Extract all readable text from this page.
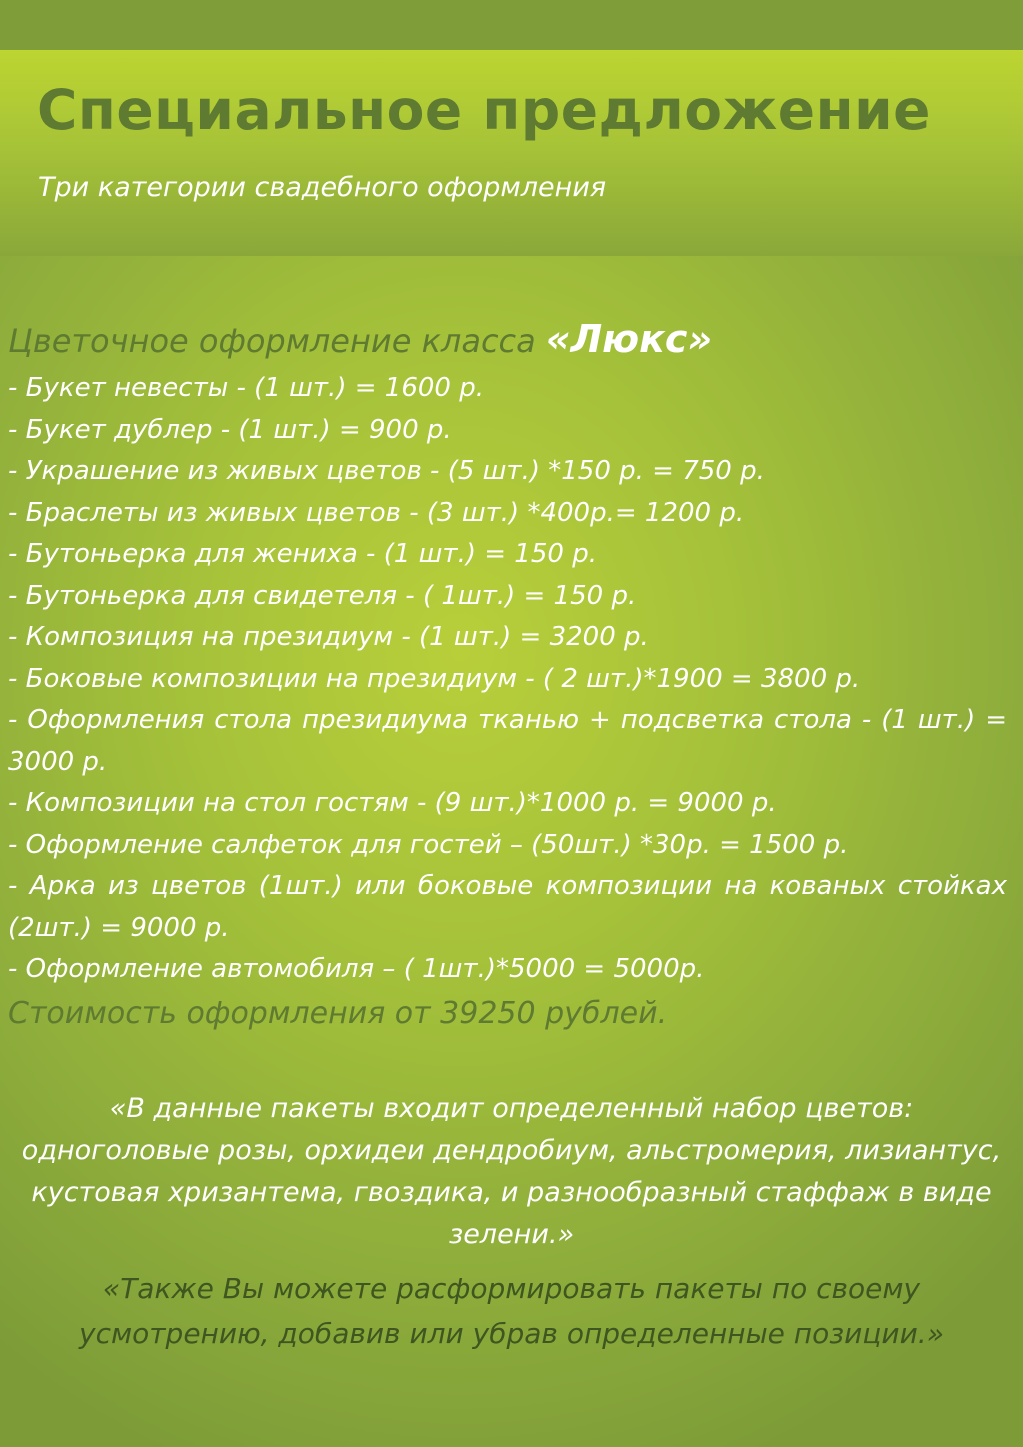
Специальное предложение

Три категории свадебного оформления

Цветочное оформление класса «Люкс»
- Букет невесты - (1 шт.) = 1600 р.
- Букет дублер - (1 шт.) = 900 р.
- Украшение из живых цветов - (5 шт.) *150 р. = 750 р.
- Браслеты из живых цветов - (3 шт.) *400р.= 1200 р.
- Бутоньерка для жениха - (1 шт.) = 150 р.
- Бутоньерка для свидетеля - ( 1шт.) = 150 р.
- Композиция на президиум - (1 шт.) = 3200 р.
- Боковые композиции на президиум - ( 2 шт.)*1900 = 3800 р.
- Оформления стола президиума тканью + подсветка стола - (1 шт.) = 3000 р.
- Композиции на стол гостям - (9 шт.)*1000 р. = 9000 р.
- Оформление салфеток для гостей – (50шт.) *30р. = 1500 р.
- Арка из цветов (1шт.) или боковые композиции на кованых стойках (2шт.) = 9000 р.
- Оформление автомобиля – ( 1шт.)*5000 = 5000р.

Стоимость оформления от 39250 рублей.

«В данные пакеты входит определенный набор цветов: одноголовые розы, орхидеи дендробиум, альстромерия, лизиантус, кустовая хризантема, гвоздика, и разнообразный стаффаж в виде зелени.»

«Также Вы можете расформировать пакеты по своему усмотрению, добавив или убрав определенные позиции.»
